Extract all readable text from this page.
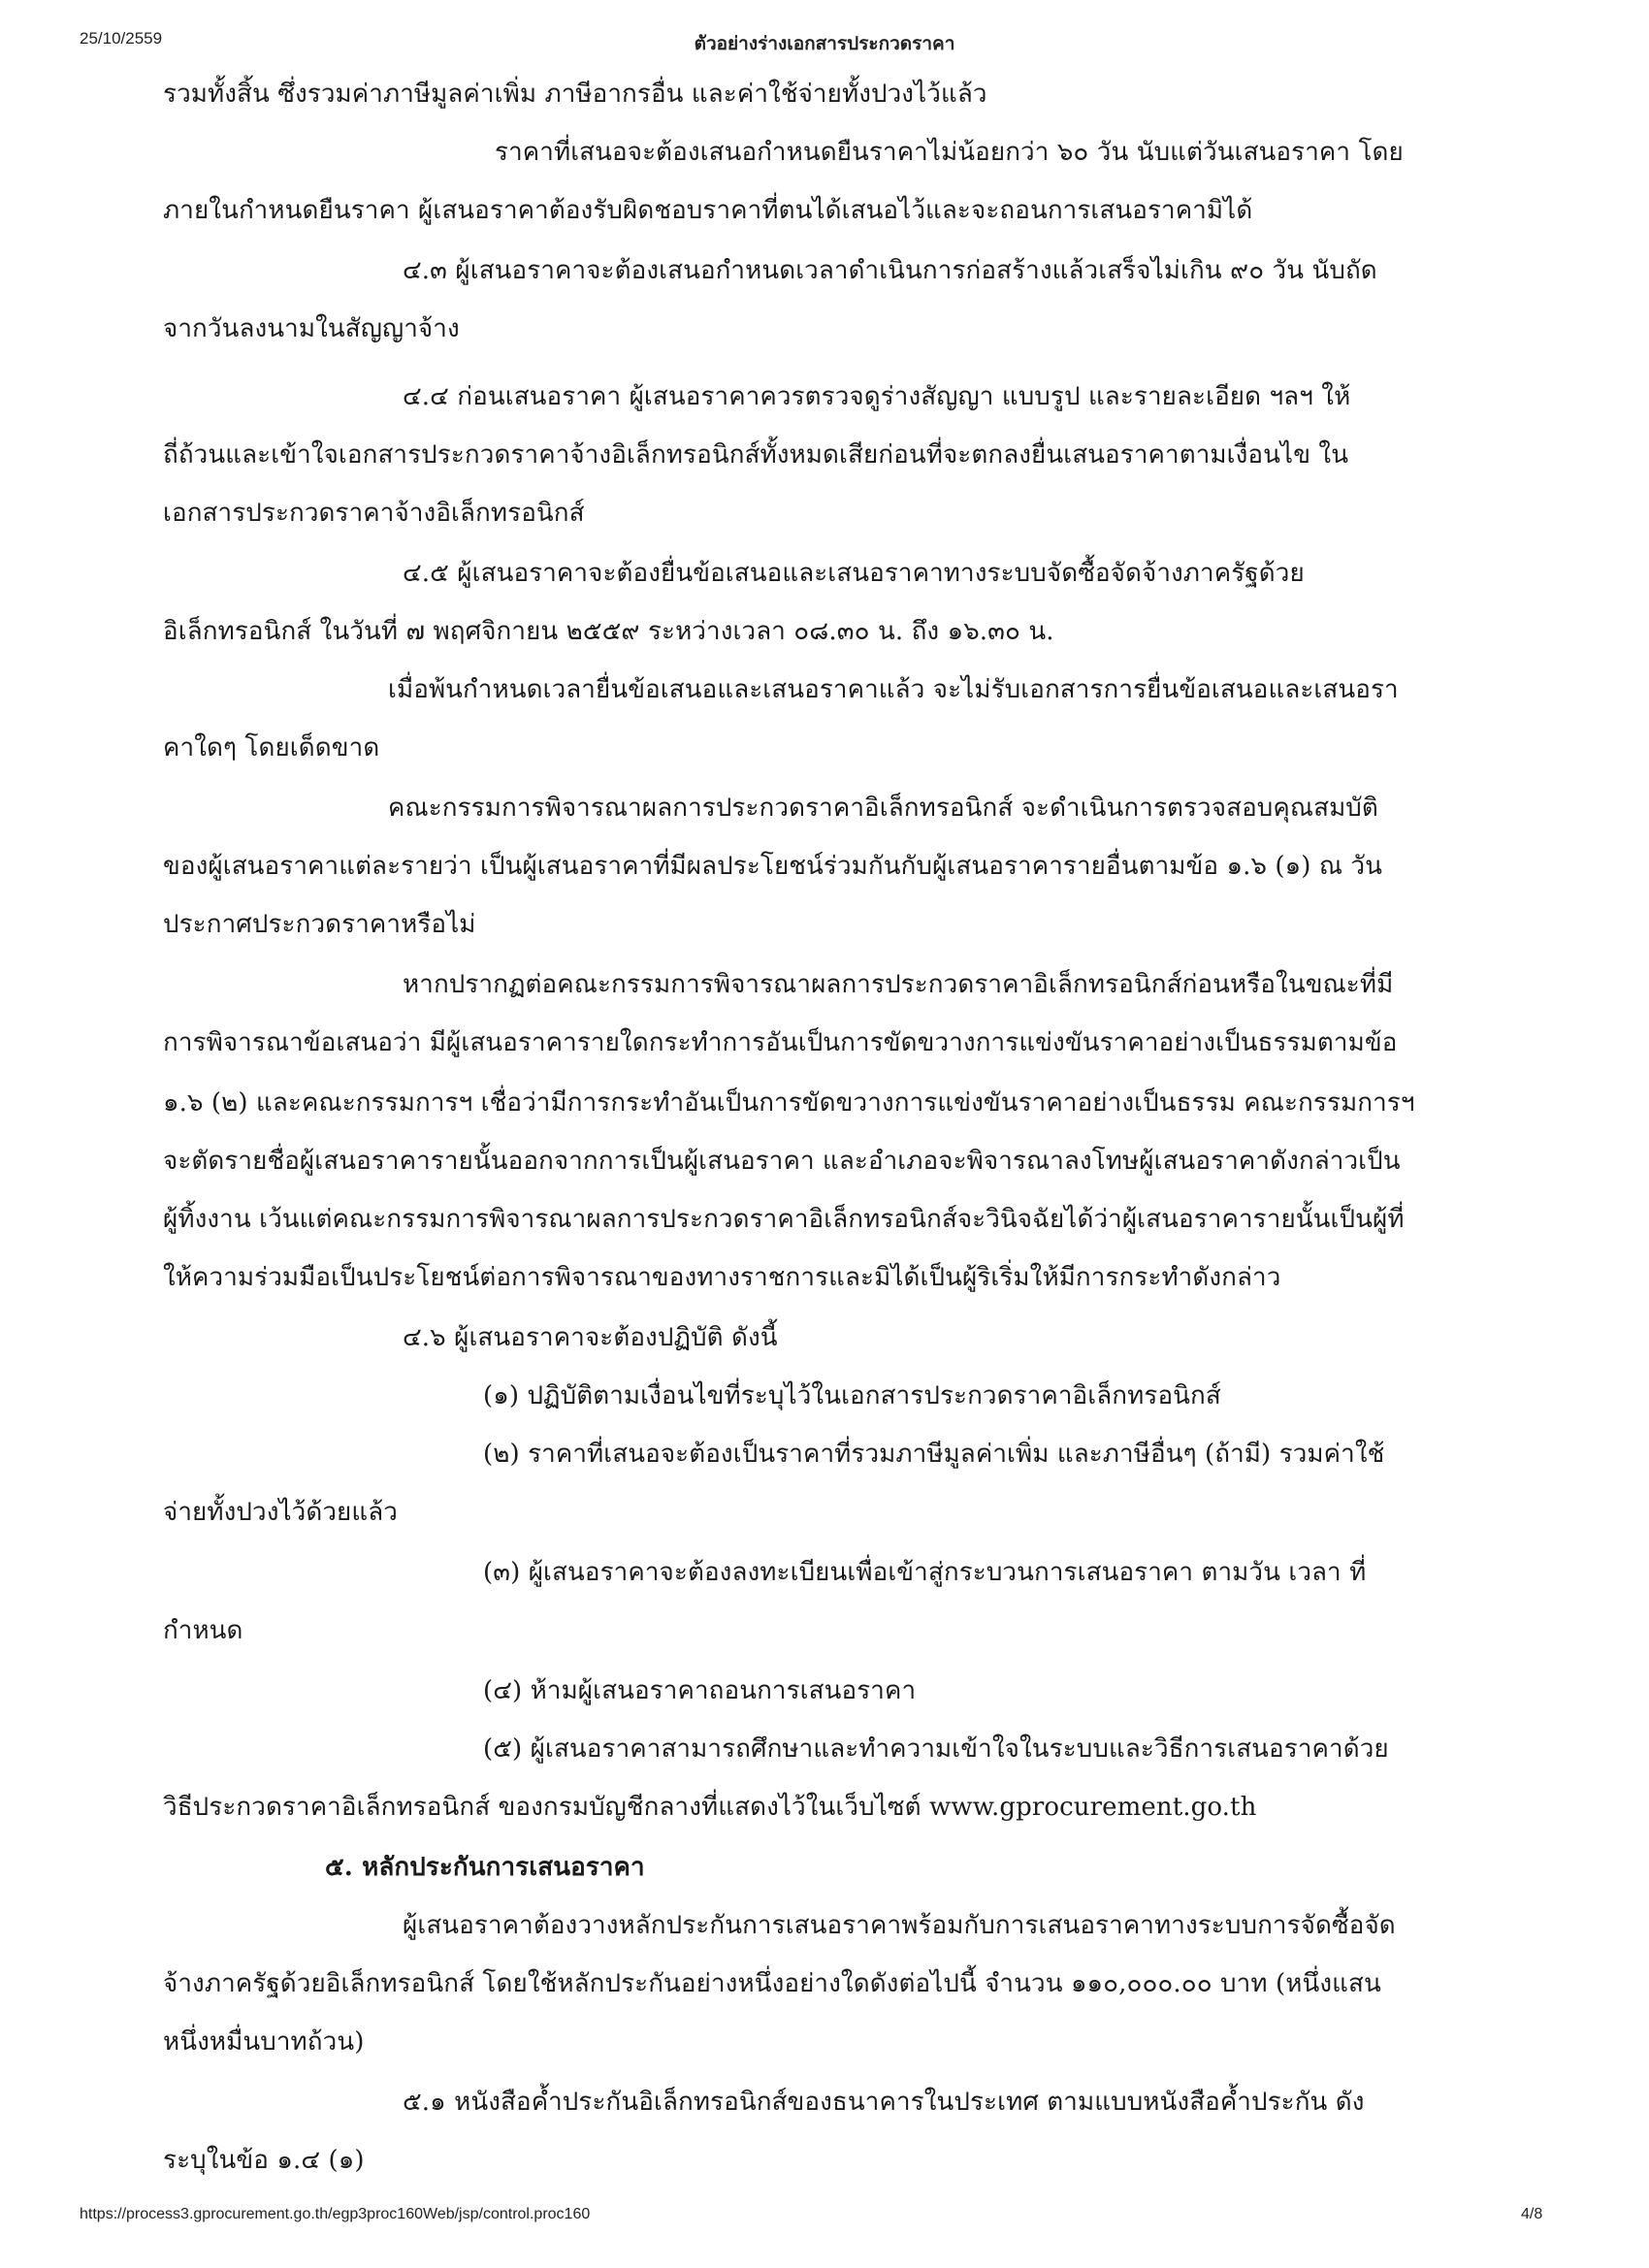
25/10/2559	ตัวอย่างร่างเอกสารประกวดราคา
รวมทั้งสิ้น ซึ่งรวมค่าภาษีมูลค่าเพิ่ม ภาษีอากรอื่น และค่าใช้จ่ายทั้งปวงไว้แล้ว
ราคาที่เสนอจะต้องเสนอกำหนดยืนราคาไม่น้อยกว่า ๖๐ วัน นับแต่วันเสนอราคา โดย
ภายในกำหนดยืนราคา ผู้เสนอราคาต้องรับผิดชอบราคาที่ตนได้เสนอไว้และจะถอนการเสนอราคามิได้
๔.๓ ผู้เสนอราคาจะต้องเสนอกำหนดเวลาดำเนินการก่อสร้างแล้วเสร็จไม่เกิน ๙๐ วัน นับถัด
จากวันลงนามในสัญญาจ้าง
๔.๔ ก่อนเสนอราคา ผู้เสนอราคาควรตรวจดูร่างสัญญา แบบรูป และรายละเอียด ฯลฯ ให้
ถี่ถ้วนและเข้าใจเอกสารประกวดราคาจ้างอิเล็กทรอนิกส์ทั้งหมดเสียก่อนที่จะตกลงยื่นเสนอราคาตามเงื่อนไข ใน
เอกสารประกวดราคาจ้างอิเล็กทรอนิกส์
๔.๕ ผู้เสนอราคาจะต้องยื่นข้อเสนอและเสนอราคาทางระบบจัดซื้อจัดจ้างภาครัฐด้วย
อิเล็กทรอนิกส์ ในวันที่ ๗ พฤศจิกายน ๒๕๕๙ ระหว่างเวลา ๐๘.๓๐ น. ถึง ๑๖.๓๐ น.
เมื่อพ้นกำหนดเวลายื่นข้อเสนอและเสนอราคาแล้ว จะไม่รับเอกสารการยื่นข้อเสนอและเสนอรา
คาใดๆ โดยเด็ดขาด
คณะกรรมการพิจารณาผลการประกวดราคาอิเล็กทรอนิกส์ จะดำเนินการตรวจสอบคุณสมบัติ
ของผู้เสนอราคาแต่ละรายว่า เป็นผู้เสนอราคาที่มีผลประโยชน์ร่วมกันกับผู้เสนอราคารายอื่นตามข้อ ๑.๖ (๑) ณ วัน
ประกาศประกวดราคาหรือไม่
หากปรากฏต่อคณะกรรมการพิจารณาผลการประกวดราคาอิเล็กทรอนิกส์ก่อนหรือในขณะที่มี
การพิจารณาข้อเสนอว่า มีผู้เสนอราคารายใดกระทำการอันเป็นการขัดขวางการแข่งขันราคาอย่างเป็นธรรมตามข้อ
๑.๖ (๒) และคณะกรรมการฯ เชื่อว่ามีการกระทำอันเป็นการขัดขวางการแข่งขันราคาอย่างเป็นธรรม คณะกรรมการฯ
จะตัดรายชื่อผู้เสนอราคารายนั้นออกจากการเป็นผู้เสนอราคา และอำเภอจะพิจารณาลงโทษผู้เสนอราคาดังกล่าวเป็น
ผู้ทิ้งงาน เว้นแต่คณะกรรมการพิจารณาผลการประกวดราคาอิเล็กทรอนิกส์จะวินิจฉัยได้ว่าผู้เสนอราคารายนั้นเป็นผู้ที่
ให้ความร่วมมือเป็นประโยชน์ต่อการพิจารณาของทางราชการและมิได้เป็นผู้ริเริ่มให้มีการกระทำดังกล่าว
๔.๖ ผู้เสนอราคาจะต้องปฏิบัติ ดังนี้
(๑) ปฏิบัติตามเงื่อนไขที่ระบุไว้ในเอกสารประกวดราคาอิเล็กทรอนิกส์
(๒) ราคาที่เสนอจะต้องเป็นราคาที่รวมภาษีมูลค่าเพิ่ม และภาษีอื่นๆ (ถ้ามี) รวมค่าใช้
จ่ายทั้งปวงไว้ด้วยแล้ว
(๓) ผู้เสนอราคาจะต้องลงทะเบียนเพื่อเข้าสู่กระบวนการเสนอราคา ตามวัน เวลา ที่
กำหนด
(๔) ห้ามผู้เสนอราคาถอนการเสนอราคา
(๕) ผู้เสนอราคาสามารถศึกษาและทำความเข้าใจในระบบและวิธีการเสนอราคาด้วย
วิธีประกวดราคาอิเล็กทรอนิกส์ ของกรมบัญชีกลางที่แสดงไว้ในเว็บไซต์ www.gprocurement.go.th
๕. หลักประกันการเสนอราคา
ผู้เสนอราคาต้องวางหลักประกันการเสนอราคาพร้อมกับการเสนอราคาทางระบบการจัดซื้อจัด
จ้างภาครัฐด้วยอิเล็กทรอนิกส์ โดยใช้หลักประกันอย่างหนึ่งอย่างใดดังต่อไปนี้ จำนวน ๑๑๐,๐๐๐.๐๐ บาท (หนึ่งแสน
หนึ่งหมื่นบาทถ้วน)
๕.๑ หนังสือค้ำประกันอิเล็กทรอนิกส์ของธนาคารในประเทศ ตามแบบหนังสือค้ำประกัน ดัง
ระบุในข้อ ๑.๔ (๑)
https://process3.gprocurement.go.th/egp3proc160Web/jsp/control.proc160	4/8
